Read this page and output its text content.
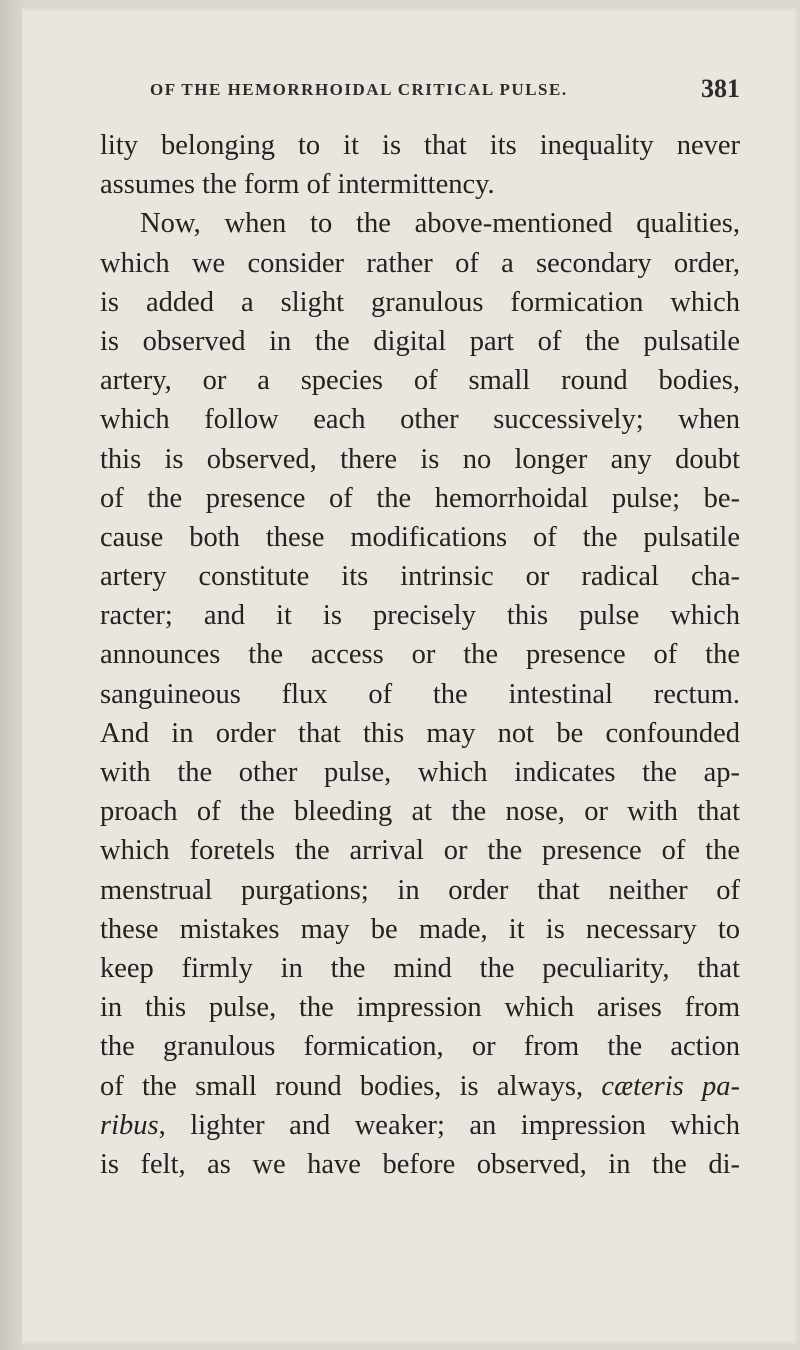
OF THE HEMORRHOIDAL CRITICAL PULSE.	381
lity belonging to it is that its inequality never
assumes the form of intermittency.
Now, when to the above-mentioned qualities,
which we consider rather of a secondary order,
is added a slight granulous formication which
is observed in the digital part of the pulsatile
artery, or a species of small round bodies,
which follow each other successively; when
this is observed, there is no longer any doubt
of the presence of the hemorrhoidal pulse; be-
cause both these modifications of the pulsatile
artery constitute its intrinsic or radical cha-
racter; and it is precisely this pulse which
announces the access or the presence of the
sanguineous flux of the intestinal rectum.
And in order that this may not be confounded
with the other pulse, which indicates the ap-
proach of the bleeding at the nose, or with that
which foretels the arrival or the presence of the
menstrual purgations; in order that neither of
these mistakes may be made, it is necessary to
keep firmly in the mind the peculiarity, that
in this pulse, the impression which arises from
the granulous formication, or from the action
of the small round bodies, is always, cæteris pa-
ribus, lighter and weaker; an impression which
is felt, as we have before observed, in the di-
